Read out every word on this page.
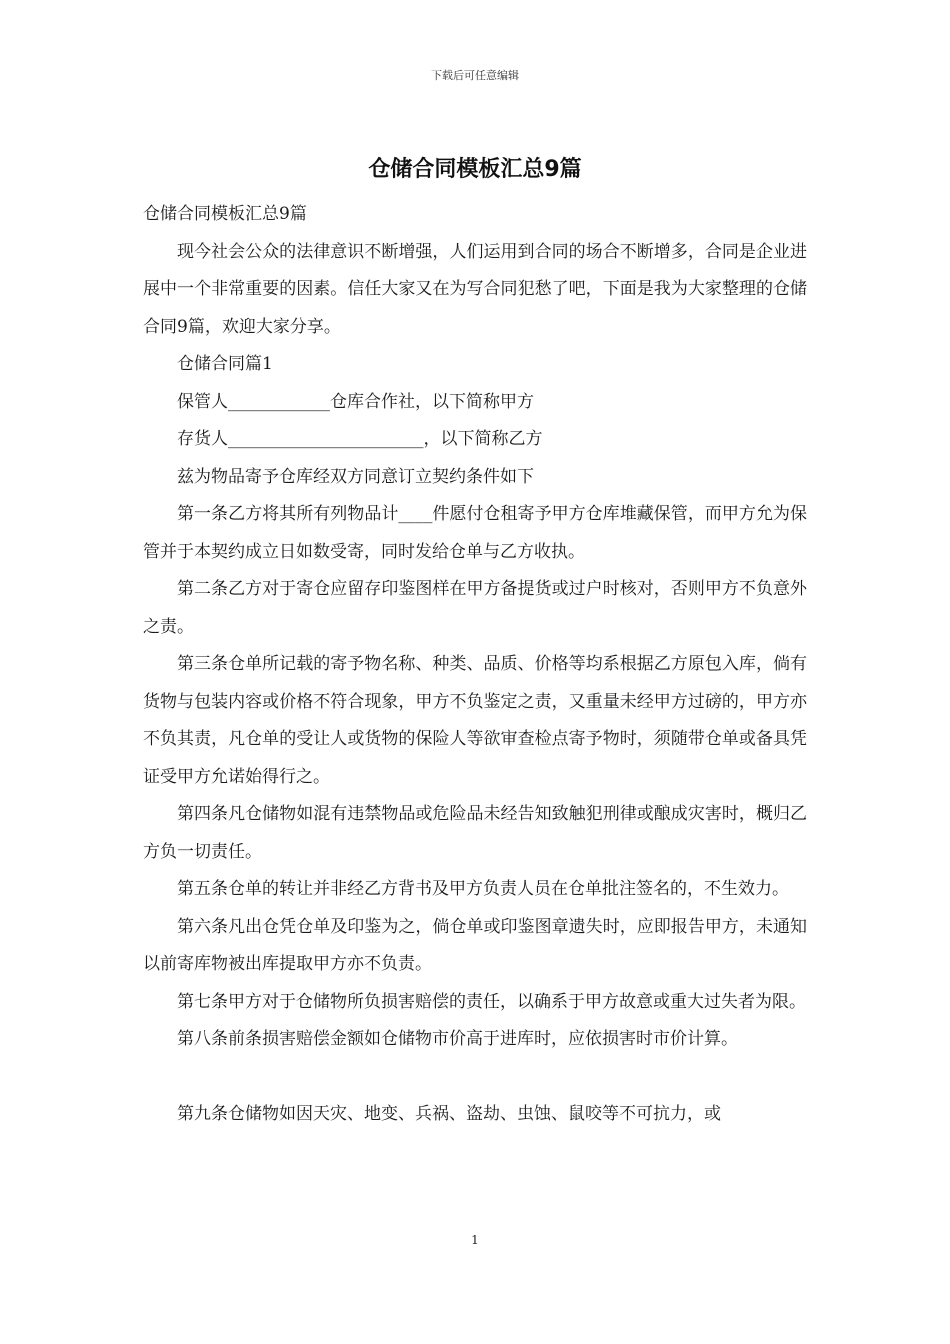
下载后可任意编辑
仓储合同模板汇总9篇

仓储合同模板汇总9篇

现今社会公众的法律意识不断增强，人们运用到合同的场合不断增多，合同是企业进展中一个非常重要的因素。信任大家又在为写合同犯愁了吧，下面是我为大家整理的仓储合同9篇，欢迎大家分享。

仓储合同篇1

保管人____________仓库合作社，以下简称甲方

存货人_______________________，以下简称乙方

兹为物品寄予仓库经双方同意订立契约条件如下

第一条乙方将其所有列物品计____件愿付仓租寄予甲方仓库堆藏保管，而甲方允为保管并于本契约成立日如数受寄，同时发给仓单与乙方收执。

第二条乙方对于寄仓应留存印鉴图样在甲方备提货或过户时核对，否则甲方不负意外之责。

第三条仓单所记载的寄予物名称、种类、品质、价格等均系根据乙方原包入库，倘有货物与包装内容或价格不符合现象，甲方不负鉴定之责，又重量未经甲方过磅的，甲方亦不负其责，凡仓单的受让人或货物的保险人等欲审查检点寄予物时，须随带仓单或备具凭证受甲方允诺始得行之。

第四条凡仓储物如混有违禁物品或危险品未经告知致触犯刑律或酿成灾害时，概归乙方负一切责任。

第五条仓单的转让并非经乙方背书及甲方负责人员在仓单批注签名的，不生效力。

第六条凡出仓凭仓单及印鉴为之，倘仓单或印鉴图章遗失时，应即报告甲方，未通知以前寄库物被出库提取甲方亦不负责。

第七条甲方对于仓储物所负损害赔偿的责任，以确系于甲方故意或重大过失者为限。

第八条前条损害赔偿金额如仓储物市价高于进库时，应依损害时市价计算。

第九条仓储物如因天灾、地变、兵祸、盗劫、虫蚀、鼠咬等不可抗力，或

1
